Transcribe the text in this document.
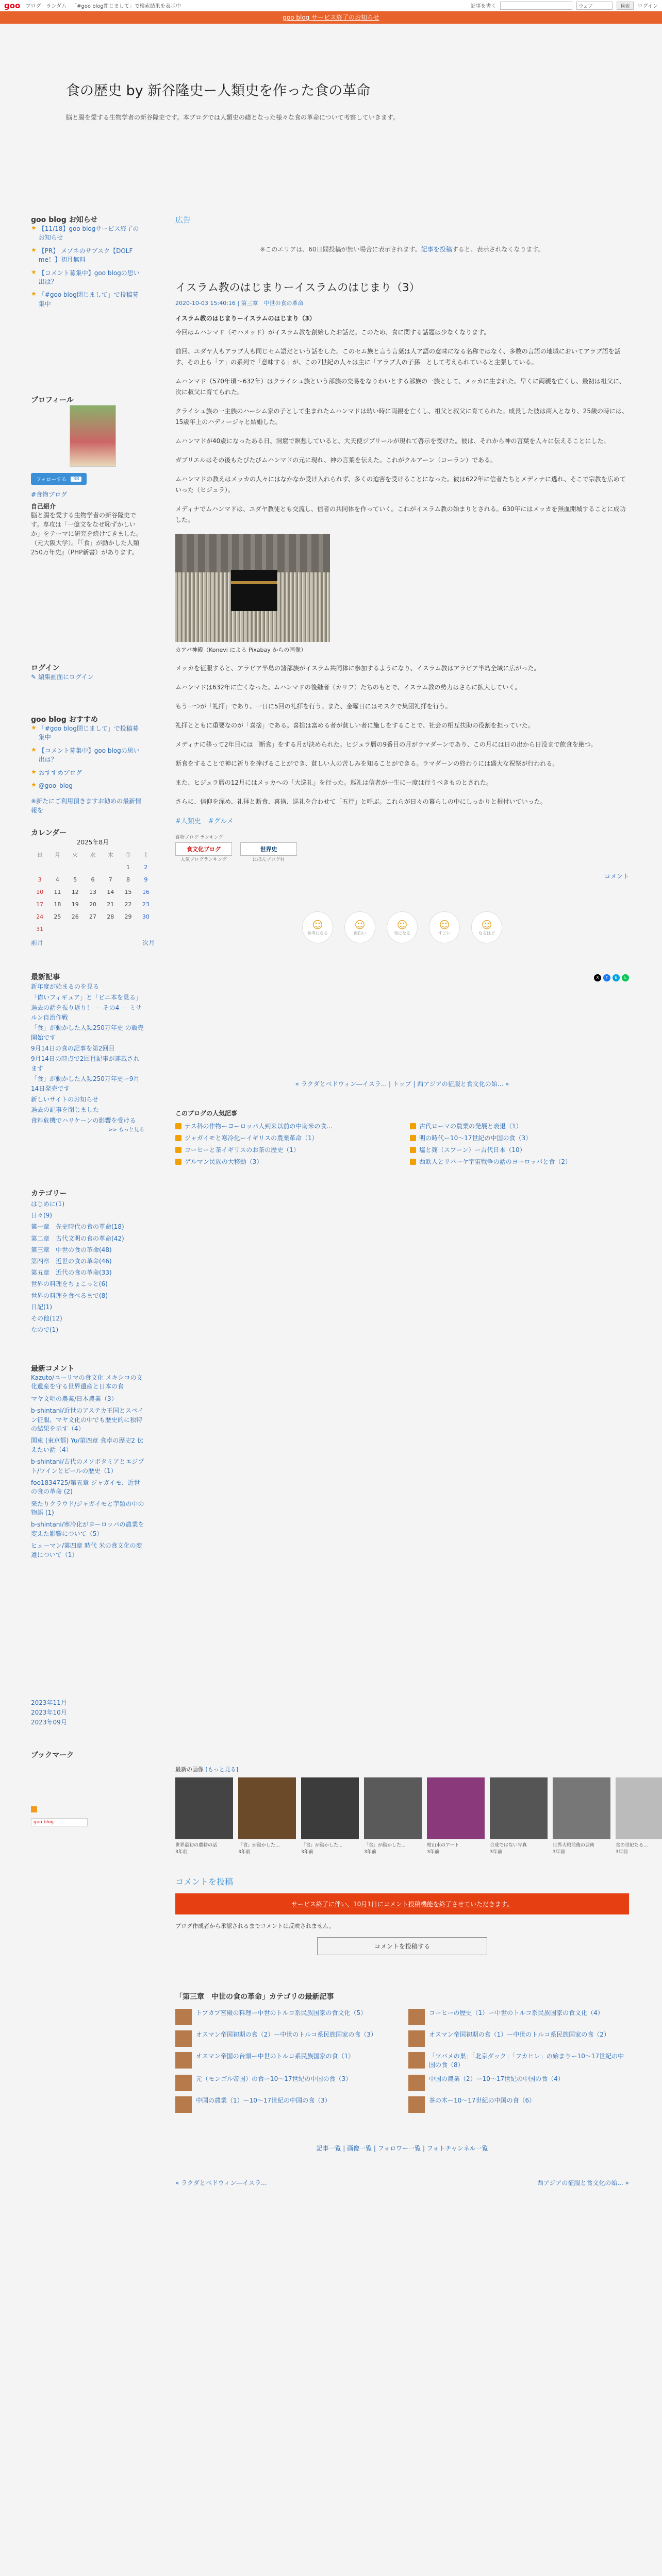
goo ブログ ランダム 「#goo blog閉じまして」で検索結果を表示中	記事を書く	ウェブ	検索	ログイン
goo blog サービス終了のお知らせ
食の歴史 by 新谷隆史ー人類史を作った食の革命

脳と腸を愛する生物学者の新谷隆史です。本ブログでは人類史の礎となった様々な食の革命について考察していきます。

goo blog お知らせ
★ 【11/18】goo blogサービス終了のお知らせ
★ 【PR】 メゾネのサブスク【DOLF me！】初月無料
★ 【コメント募集中】goo blogの思い出は？
★ 「#goo blog閉じまして」で投稿募集中
プロフィール
フォローする	38

#食物ブログ

自己紹介

脳と腸を愛する生物学者の新谷隆史です。専攻は「一億文をなぜ恥ずかしいか」をテーマに研究を続けてきました。（元大阪大学）。『「食」が動かした人類250万年史』（PHP新書）があります。

ログイン
✎ 編集画面にログイン
goo blog おすすめ
★ 「#goo blog閉じまして」で投稿募集中
★ 【コメント募集中】goo blogの思い出は？
★ おすすめブログ
★ @goo_blog

※新たにご利用頂きますお勧めの最新情報を

カレンダー

2025年8月

日	月	火	水	木	金	土
					1	2
3	4	5	6	7	8	9
10	11	12	13	14	15	16
17	18	19	20	21	22	23
24	25	26	27	28	29	30
31						
前月	次月
最新記事
新年度が始まるのを見る
「偉いフィギュア」と「ビニ本を見る」
過去の話を振り返り！ — その4 — ミサルン自治作戦
「食」が動かした人類250万年史 の販売開始です
9月14日の食の記事を第2回目
9月14日の時点で2回目記事が連載されます
「食」が動かした人類250万年史ー9月14日発売です
新しいサイトのお知らせ
過去の記事を閉じました
食料危機でハリケーンの影響を受ける
>> もっと見る
カテゴリー
はじめに(1)
日々(9)
第一章　先史時代の食の革命(18)
第二章　古代文明の食の革命(42)
第三章　中世の食の革命(48)
第四章　近世の食の革命(46)
第五章　近代の食の革命(33)
世界の料理をちょこっと(6)
世界の料理を食べるまで(8)
日記(1)
その他(12)
なので(1)
最新コメント

Kazuto/ユーリマの食文化 メキシコの文化遺産を守る世界遺産と日本の食

マヤ文明の農業/日本農業（3）

b-shintani/近世のアステカ王国とスペイン征服、マヤ文化の中でも歴史的に独特の結果を示す（4）

関東 (東京都) Yu/第四章 食卓の歴史2 伝えたい話（4）

b-shintani/古代のメソポタミアとエジプト/ワインとビールの歴史（1）

foo1834725/第五章 ジャガイモ、近世の食の革命 (2)

来たりクラウド/ジャガイモと芋類の中の物語 (1)

b-shintani/寒冷化がヨーロッパの農業を変えた影響について（5）

ヒューマン/第四章 時代 米の食文化の変遷について（1）

2023年11月
2023年10月
2023年09月
ブックマーク
goo blog

広告

※このエリアは、60日間投稿が無い場合に表示されます。記事を投稿すると、表示されなくなります。

イスラム教のはじまりーイスラムのはじまり（3）

2020-10-03 15:40:16 | 第三章　中世の食の革命

イスラム教のはじまりーイスラムのはじまり（3）

今回はムハンマド（モハメッド）がイスラム教を創始したお話だ。このため、食に関する話題は少なくなります。

前回、ユダヤ人もアラブ人も同じセム語だという話をした。このセム族と言う言葉は人ア語の意味になる名称ではなく、多数の言語の地域においてアラブ語を話す、その上ら「ア」の系列で「意味する」が、この7世紀の人々は主に「アラブ人の子孫」として考えられていると主張している。

ムハンマド（570年頃〜632年）はクライシュ族という部族の交易をなりわいとする部族の一族として、メッカに生まれた。早くに両親を亡くし、最初は祖父に、次に叔父に育てられた。

クライシュ族の一主族のハーシム家の子として生まれたムハンマドは幼い時に両親を亡くし、祖父と叔父に育てられた。成長した彼は商人となり、25歳の時には、15歳年上のハディージャと結婚した。

ムハンマドが40歳になったある日、洞窟で瞑想していると、大天使ジブリールが現れて啓示を受けた。彼は、それから神の言葉を人々に伝えることにした。

ガブリエルはその後もたびたびムハンマドの元に現れ、神の言葉を伝えた。これがクルアーン（コーラン）である。

ムハンマドの教えはメッカの人々にはなかなか受け入れられず、多くの迫害を受けることになった。彼は622年に信者たちとメディナに逃れ、そこで宗教を広めていった（ヒジュラ）。

メディナでムハンマドは、ユダヤ教徒とも交流し、信者の共同体を作っていく。これがイスラム教の始まりとされる。630年にはメッカを無血開城することに成功した。

カアバ神殿（Konevi による Pixabay からの画像）

メッカを征服すると、アラビア半島の諸部族がイスラム共同体に参加するようになり、イスラム教はアラビア半島全域に広がった。

ムハンマドは632年に亡くなった。ムハンマドの後継者（カリフ）たちのもとで、イスラム教の勢力はさらに拡大していく。

もう一つが「礼拝」であり、一日に5回の礼拝を行う。また、金曜日にはモスクで集団礼拝を行う。

礼拝とともに重要なのが「喜捨」である。喜捨は富める者が貧しい者に施しをすることで、社会の相互扶助の役割を担っていた。

メディナに移って2年目には「断食」をする月が決められた。ヒジュラ暦の9番目の月がラマダーンであり、この月には日の出から日没まで飲食を絶つ。

断食をすることで神に祈りを捧げることができ、貧しい人の苦しみを知ることができる。ラマダーンの終わりには盛大な祝祭が行われる。

また、ヒジュラ暦の12月にはメッカへの「大巡礼」を行った。巡礼は信者が一生に一度は行うべきものとされた。

さらに、信仰を深め、礼拝と断食、喜捨、巡礼を合わせて「五行」と呼ぶ。これらが日々の暮らしの中にしっかりと根付いていった。

#人類史 #グルメ

食物ブログ ランキング

食文化ブログ
人気ブログランキング
世界史
にほんブログ村
コメント
☺
参考になる
☺
面白い
☺
気になる
☺
すごい
☺
なるほど
X	f	B	L

« ラクダとベドウィン―イスラ... | トップ | 西アジアの征服と食文化の始... »

このブログの人気記事
ナス科の作物ーヨーロッパ人到来以前の中南米の食...	古代ローマの農業の発展と衰退（1）
ジャガイモと寒冷化ーイギリスの農業革命（1）	明の時代ー10〜17世紀の中国の食（3）
コーヒーと茶イギリスのお茶の歴史（1）	塩と麹（スプーン）ー古代日本（10）
ゲルマン民族の大移動（3）	西欧人とリバーヤ宇宙戦争の話のヨーロッパと食（2）

最新の画像 [もっと見る]

世界最初の農耕の話
3年前
「食」が動かした...
3年前
「食」が動かした...
3年前
「食」が動かした...
3年前
枯山水のアート
3年前
合成ではない写真
3年前
世界大戦前後の芸術
3年前
食の世紀たる...
3年前

コメントを投稿

サービス終了に伴い、10月1日にコメント投稿機能を終了させていただきます。

ブログ作成者から承認されるまでコメントは反映されません。

コメントを投稿する

「第三章　中世の食の革命」カテゴリの最新記事

トプカプ宮殿の料理ー中世のトルコ系民族国家の食文化（5）	コーヒーの歴史（1）ー中世のトルコ系民族国家の食文化（4）
オスマン帝国初期の食（2）ー中世のトルコ系民族国家の食（3）	オスマン帝国初期の食（1）ー中世のトルコ系民族国家の食（2）
オスマン帝国の台頭ー中世のトルコ系民族国家の食（1）	「ツバメの巣」「北京ダック」「フカヒレ」の始まりー10〜17世紀の中国の食（8）
元（モンゴル帝国）の食ー10〜17世紀の中国の食（3）	中国の農業（2）ー10〜17世紀の中国の食（4）
中国の農業（1）ー10〜17世紀の中国の食（3）	茶の木ー10〜17世紀の中国の食（6）

記事一覧 | 画像一覧 | フォロワー一覧 | フォトチャンネル一覧

« ラクダとベドウィン―イスラ...	西アジアの征服と食文化の始... »
